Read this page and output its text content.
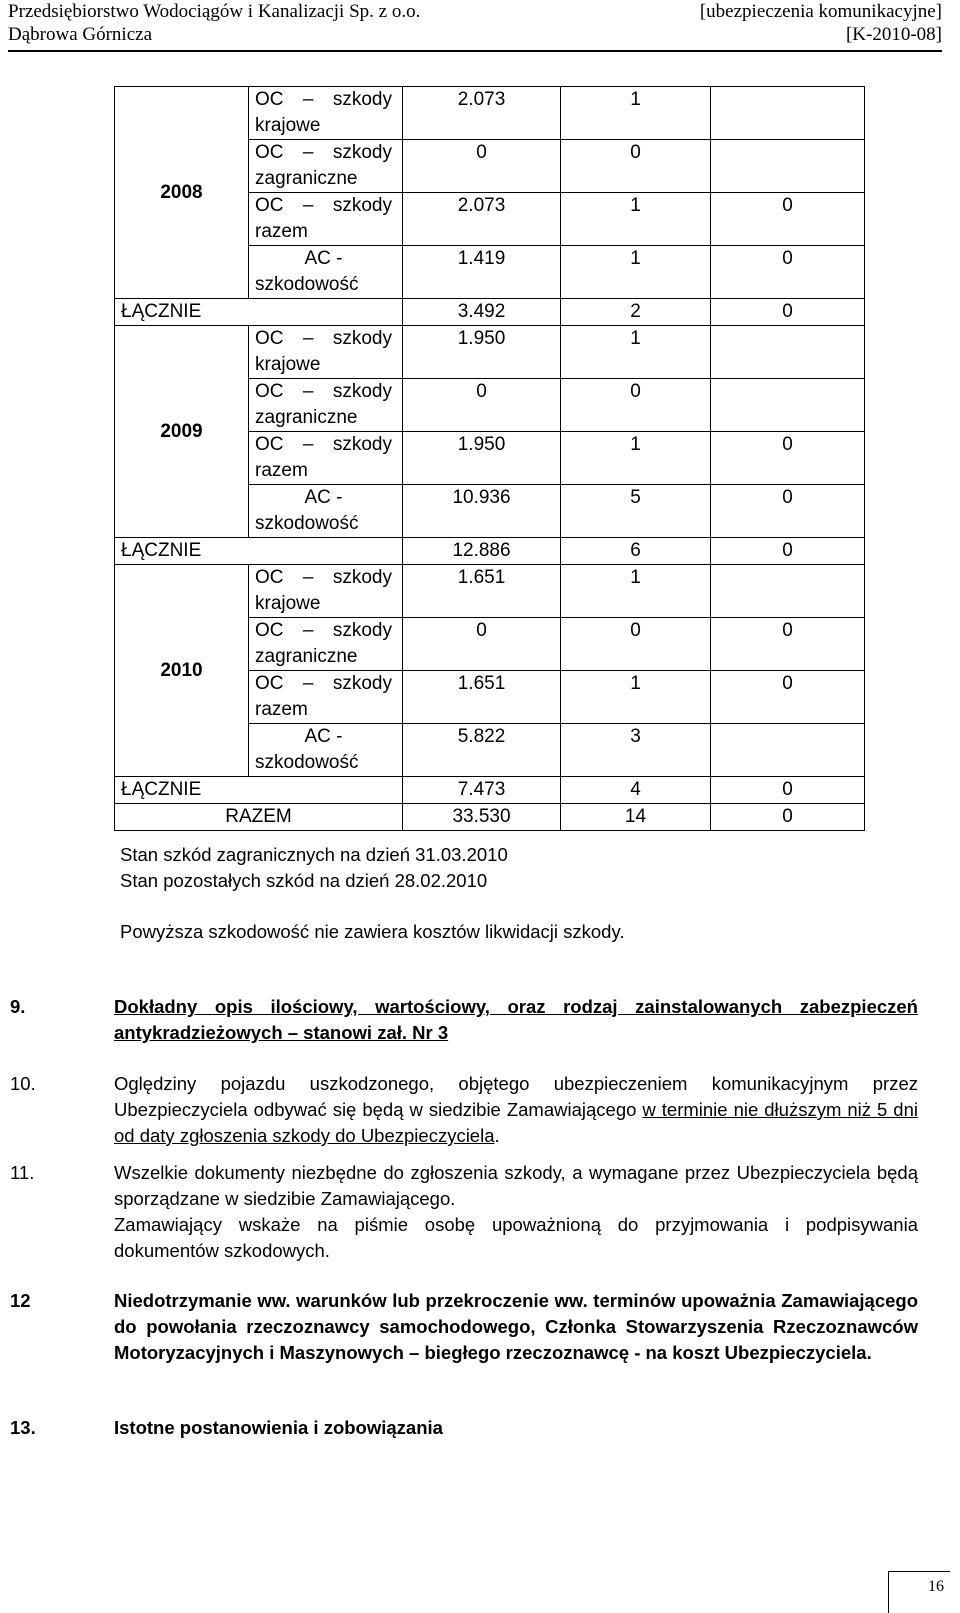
Przedsiębiorstwo Wodociągów i Kanalizacji Sp. z o.o.	[ubezpieczenia komunikacyjne]
Dąbrowa Górnicza	[K-2010-08]
2008	OC – szkody
krajowe	2.073	1	

	OC – szkody
zagraniczne	0	0	

	OC – szkody
razem	2.073	1	0

	AC -
szkodowość	1.419	1	0
ŁĄCZNIE		3.492	2	0
2009	OC – szkody
krajowe	1.950	1	

	OC – szkody
zagraniczne	0	0	

	OC – szkody
razem	1.950	1	0

	AC -
szkodowość	10.936	5	0
ŁĄCZNIE		12.886	6	0
2010	OC – szkody
krajowe	1.651	1	

	OC – szkody
zagraniczne	0	0	0

	OC – szkody
razem	1.651	1	0

	AC -
szkodowość	5.822	3	
ŁĄCZNIE		7.473	4	0
RAZEM		33.530	14	0
Stan szkód zagranicznych na dzień 31.03.2010
Stan pozostałych szkód na dzień 28.02.2010
Powyższa szkodowość nie zawiera kosztów likwidacji szkody.
9.	Dokładny opis ilościowy, wartościowy, oraz rodzaj zainstalowanych zabezpieczeń antykradzieżowych – stanowi zał. Nr 3
10.	Oględziny pojazdu uszkodzonego, objętego ubezpieczeniem komunikacyjnym przez Ubezpieczyciela odbywać się będą w siedzibie Zamawiającego w terminie nie dłuższym niż 5 dni od daty zgłoszenia szkody do Ubezpieczyciela.
11.	Wszelkie dokumenty niezbędne do zgłoszenia szkody, a wymagane przez Ubezpieczyciela będą sporządzane w siedzibie Zamawiającego.
Zamawiający wskaże na piśmie osobę upoważnioną do przyjmowania i podpisywania dokumentów szkodowych.
12	Niedotrzymanie ww. warunków lub przekroczenie ww. terminów upoważnia Zamawiającego do powołania rzeczoznawcy samochodowego, Członka Stowarzyszenia Rzeczoznawców Motoryzacyjnych i Maszynowych – biegłego rzeczoznawcę - na koszt Ubezpieczyciela.
13.	Istotne postanowienia i zobowiązania
16
